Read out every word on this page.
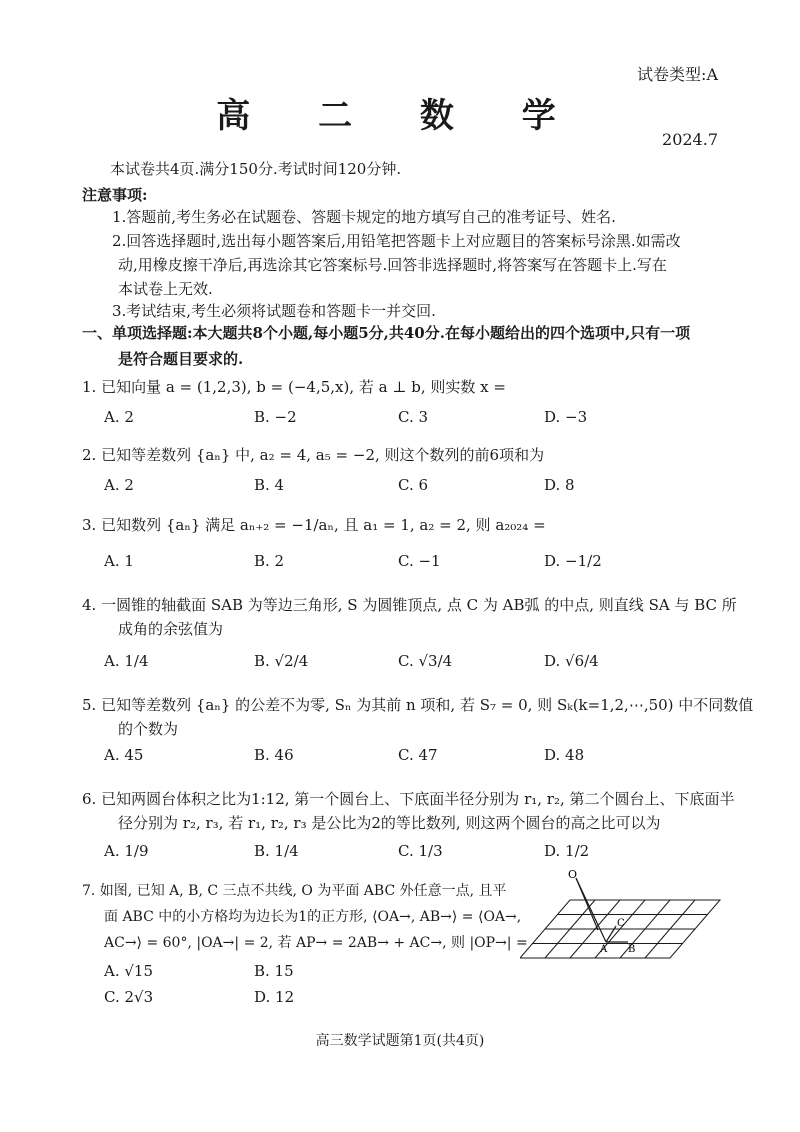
试卷类型:A
高 二 数 学
2024.7
本试卷共4页.满分150分.考试时间120分钟.
注意事项:
1.答题前,考生务必在试题卷、答题卡规定的地方填写自己的准考证号、姓名.
2.回答选择题时,选出每小题答案后,用铅笔把答题卡上对应题目的答案标号涂黑.如需改
动,用橡皮擦干净后,再选涂其它答案标号.回答非选择题时,将答案写在答题卡上.写在
本试卷上无效.
3.考试结束,考生必须将试题卷和答题卡一并交回.
一、单项选择题:本大题共8个小题,每小题5分,共40分.在每小题给出的四个选项中,只有一项
是符合题目要求的.
1. 已知向量 a = (1,2,3), b = (−4,5,x), 若 a ⊥ b, 则实数 x =
A. 2	B. −2	C. 3	D. −3
2. 已知等差数列 {aₙ} 中, a₂ = 4, a₅ = −2, 则这个数列的前6项和为
A. 2	B. 4	C. 6	D. 8
3. 已知数列 {aₙ} 满足 aₙ₊₂ = −1/aₙ, 且 a₁ = 1, a₂ = 2, 则 a₂₀₂₄ =
A. 1	B. 2	C. −1	D. −1/2
4. 一圆锥的轴截面 SAB 为等边三角形, S 为圆锥顶点, 点 C 为 AB弧 的中点, 则直线 SA 与 BC 所
成角的余弦值为
A. 1/4	B. √2/4	C. √3/4	D. √6/4
5. 已知等差数列 {aₙ} 的公差不为零, Sₙ 为其前 n 项和, 若 S₇ = 0, 则 Sₖ(k=1,2,⋯,50) 中不同数值
的个数为
A. 45	B. 46	C. 47	D. 48
6. 已知两圆台体积之比为1:12, 第一个圆台上、下底面半径分别为 r₁, r₂, 第二个圆台上、下底面半
径分别为 r₂, r₃, 若 r₁, r₂, r₃ 是公比为2的等比数列, 则这两个圆台的高之比可以为
A. 1/9	B. 1/4	C. 1/3	D. 1/2
7. 如图, 已知 A, B, C 三点不共线, O 为平面 ABC 外任意一点, 且平
面 ABC 中的小方格均为边长为1的正方形, ⟨OA→, AB→⟩ = ⟨OA→,
AC→⟩ = 60°, |OA→| = 2, 若 AP→ = 2AB→ + AC→, 则 |OP→| =
A. √15	B. 15
C. 2√3	D. 12
O
C
A B
高三数学试题第1页(共4页)
